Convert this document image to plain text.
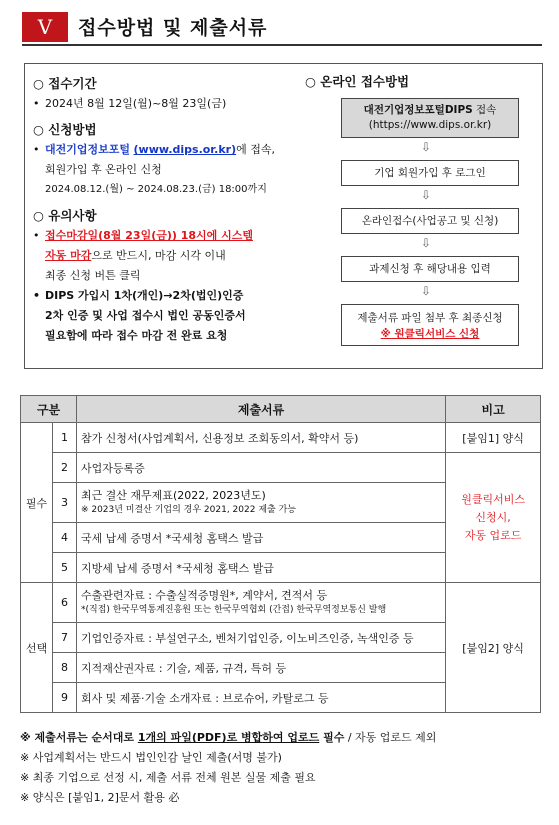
V	접수방법 및 제출서류
○ 접수기간
• 2024년 8월 12일(월)~8월 23일(금)
○ 신청방법
• 대전기업정보포털 (www.dips.or.kr)에 접속,
회원가입 후 온라인 신청
2024.08.12.(월) ~ 2024.08.23.(금) 18:00까지
○ 유의사항
• 접수마감일(8월 23일(금)) 18시에 시스템
자동 마감으로 반드시, 마감 시각 이내
최종 신청 버튼 클릭
• DIPS 가입시 1차(개인)→2차(법인)인증
2차 인증 및 사업 접수시 법인 공동인증서
필요함에 따라 접수 마감 전 완료 요청
○ 온라인 접수방법
대전기업정보포털DIPS 접속
(https://www.dips.or.kr)
⇩
기업 회원가입 후 로그인
⇩
온라인접수(사업공고 및 신청)
⇩
과제신청 후 해당내용 입력
⇩
제출서류 파일 첨부 후 최종신청
※ 원클릭서비스 신청
구분		제출서류	비고
필수	1	참가 신청서(사업계획서, 신용정보 조회동의서, 확약서 등)	[붙임1] 양식
	2	사업자등록증	원클릭서비스
신청시,
자동 업로드
	3	최근 결산 재무제표(2022, 2023년도)
※ 2023년 미결산 기업의 경우 2021, 2022 제출 가능	

	4	국세 납세 증명서 *국세청 홈택스 발급	
	5	지방세 납세 증명서 *국세청 홈택스 발급	
선택	6	수출관련자료 : 수출실적증명원*, 계약서, 견적서 등
*(직접) 한국무역통계진흥원 또는 한국무역협회 (간접) 한국무역정보통신 발행	[붙임2] 양식
	7	기업인증자료 : 부설연구소, 벤처기업인증, 이노비즈인증, 녹색인증 등	
	8	지적재산권자료 : 기술, 제품, 규격, 특허 등	
	9	회사 및 제품·기술 소개자료 : 브로슈어, 카탈로그 등	
※ 제출서류는 순서대로 1개의 파일(PDF)로 병합하여 업로드 필수 / 자동 업로드 제외
※ 사업계획서는 반드시 법인인감 날인 제출(서명 불가)
※ 최종 기업으로 선정 시, 제출 서류 전체 원본 실물 제출 필요
※ 양식은 [붙임1, 2]문서 활용 必
